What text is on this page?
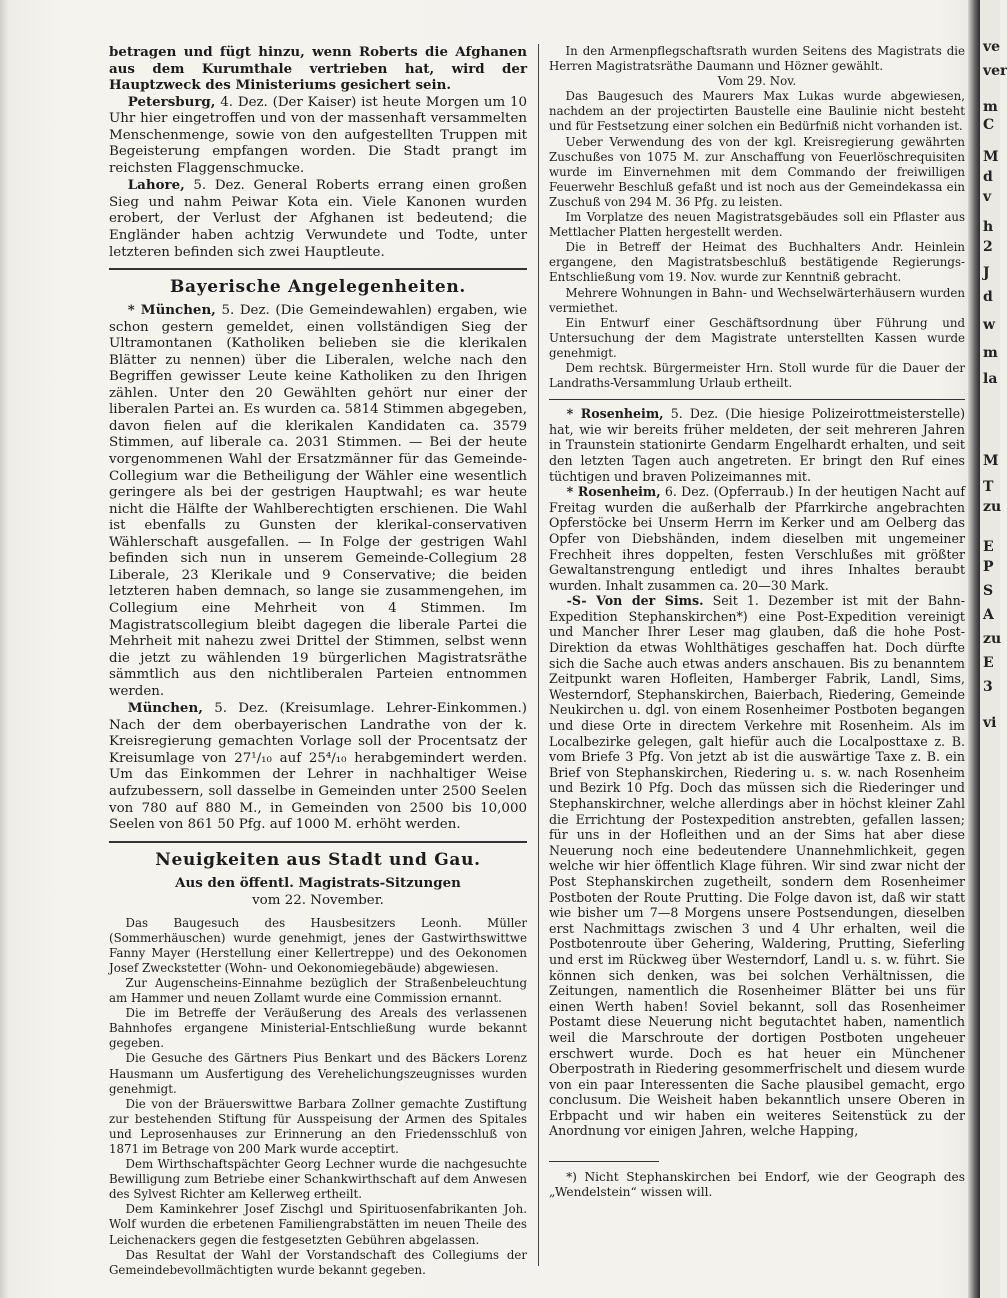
betragen und fügt hinzu, wenn Roberts die Afghanen aus dem Kurumthale vertrieben hat, wird der Hauptzweck des Ministeriums gesichert sein.

Petersburg, 4. Dez. (Der Kaiser) ist heute Morgen um 10 Uhr hier eingetroffen und von der massenhaft versammelten Menschenmenge, sowie von den aufgestellten Truppen mit Begeisterung empfangen worden. Die Stadt prangt im reichsten Flaggenschmucke.

Lahore, 5. Dez. General Roberts errang einen großen Sieg und nahm Peiwar Kota ein. Viele Kanonen wurden erobert, der Verlust der Afghanen ist bedeutend; die Engländer haben achtzig Verwundete und Todte, unter letzteren befinden sich zwei Hauptleute.

Bayerische Angelegenheiten.

* München, 5. Dez. (Die Gemeindewahlen) ergaben, wie schon gestern gemeldet, einen vollständigen Sieg der Ultramontanen (Katholiken belieben sie die klerikalen Blätter zu nennen) über die Liberalen, welche nach den Begriffen gewisser Leute keine Katholiken zu den Ihrigen zählen. Unter den 20 Gewählten gehört nur einer der liberalen Partei an. Es wurden ca. 5814 Stimmen abgegeben, davon fielen auf die klerikalen Kandidaten ca. 3579 Stimmen, auf liberale ca. 2031 Stimmen. — Bei der heute vorgenommenen Wahl der Ersatzmänner für das Gemeinde-Collegium war die Betheiligung der Wähler eine wesentlich geringere als bei der gestrigen Hauptwahl; es war heute nicht die Hälfte der Wahlberechtigten erschienen. Die Wahl ist ebenfalls zu Gunsten der klerikal-conservativen Wählerschaft ausgefallen. — In Folge der gestrigen Wahl befinden sich nun in unserem Gemeinde-Collegium 28 Liberale, 23 Klerikale und 9 Conservative; die beiden letzteren haben demnach, so lange sie zusammengehen, im Collegium eine Mehrheit von 4 Stimmen. Im Magistratscollegium bleibt dagegen die liberale Partei die Mehrheit mit nahezu zwei Drittel der Stimmen, selbst wenn die jetzt zu wählenden 19 bürgerlichen Magistratsräthe sämmtlich aus den nichtliberalen Parteien entnommen werden.

München, 5. Dez. (Kreisumlage. Lehrer-Einkommen.) Nach der dem oberbayerischen Landrathe von der k. Kreisregierung gemachten Vorlage soll der Procentsatz der Kreisumlage von 27¹/₁₀ auf 25⁴/₁₀ herabgemindert werden. Um das Einkommen der Lehrer in nachhaltiger Weise aufzubessern, soll dasselbe in Gemeinden unter 2500 Seelen von 780 auf 880 M., in Gemeinden von 2500 bis 10,000 Seelen von 861 50 Pfg. auf 1000 M. erhöht werden.

Neuigkeiten aus Stadt und Gau.
Aus den öffentl. Magistrats-Sitzungen
vom 22. November.

Das Baugesuch des Hausbesitzers Leonh. Müller (Sommerhäuschen) wurde genehmigt, jenes der Gastwirthswittwe Fanny Mayer (Herstellung einer Kellertreppe) und des Oekonomen Josef Zweckstetter (Wohn- und Oekonomiegebäude) abgewiesen.

Zur Augenscheins-Einnahme bezüglich der Straßenbeleuchtung am Hammer und neuen Zollamt wurde eine Commission ernannt.

Die im Betreffe der Veräußerung des Areals des verlassenen Bahnhofes ergangene Ministerial-Entschließung wurde bekannt gegeben.

Die Gesuche des Gärtners Pius Benkart und des Bäckers Lorenz Hausmann um Ausfertigung des Verehelichungszeugnisses wurden genehmigt.

Die von der Bräuerswittwe Barbara Zollner gemachte Zustiftung zur bestehenden Stiftung für Ausspeisung der Armen des Spitales und Leprosenhauses zur Erinnerung an den Friedensschluß von 1871 im Betrage von 200 Mark wurde acceptirt.

Dem Wirthschaftspächter Georg Lechner wurde die nachgesuchte Bewilligung zum Betriebe einer Schankwirthschaft auf dem Anwesen des Sylvest Richter am Kellerweg ertheilt.

Dem Kaminkehrer Josef Zischgl und Spirituosenfabrikanten Joh. Wolf wurden die erbetenen Familiengrabstätten im neuen Theile des Leichenackers gegen die festgesetzten Gebühren abgelassen.

Das Resultat der Wahl der Vorstandschaft des Collegiums der Gemeindebevollmächtigten wurde bekannt gegeben.

In den Armenpflegschaftsrath wurden Seitens des Magistrats die Herren Magistratsräthe Daumann und Hözner gewählt.

Vom 29. Nov.

Das Baugesuch des Maurers Max Lukas wurde abgewiesen, nachdem an der projectirten Baustelle eine Baulinie nicht besteht und für Festsetzung einer solchen ein Bedürfniß nicht vorhanden ist.

Ueber Verwendung des von der kgl. Kreisregierung gewährten Zuschußes von 1075 M. zur Anschaffung von Feuerlöschrequisiten wurde im Einvernehmen mit dem Commando der freiwilligen Feuerwehr Beschluß gefaßt und ist noch aus der Gemeindekassa ein Zuschuß von 294 M. 36 Pfg. zu leisten.

Im Vorplatze des neuen Magistratsgebäudes soll ein Pflaster aus Mettlacher Platten hergestellt werden.

Die in Betreff der Heimat des Buchhalters Andr. Heinlein ergangene, den Magistratsbeschluß bestätigende Regierungs-Entschließung vom 19. Nov. wurde zur Kenntniß gebracht.

Mehrere Wohnungen in Bahn- und Wechselwärterhäusern wurden vermiethet.

Ein Entwurf einer Geschäftsordnung über Führung und Untersuchung der dem Magistrate unterstellten Kassen wurde genehmigt.

Dem rechtsk. Bürgermeister Hrn. Stoll wurde für die Dauer der Landraths-Versammlung Urlaub ertheilt.

* Rosenheim, 5. Dez. (Die hiesige Polizeirottmeisterstelle) hat, wie wir bereits früher meldeten, der seit mehreren Jahren in Traunstein stationirte Gendarm Engelhardt erhalten, und seit den letzten Tagen auch angetreten. Er bringt den Ruf eines tüchtigen und braven Polizeimannes mit.

* Rosenheim, 6. Dez. (Opferraub.) In der heutigen Nacht auf Freitag wurden die außerhalb der Pfarrkirche angebrachten Opferstöcke bei Unserm Herrn im Kerker und am Oelberg das Opfer von Diebshänden, indem dieselben mit ungemeiner Frechheit ihres doppelten, festen Verschlußes mit größter Gewaltanstrengung entledigt und ihres Inhaltes beraubt wurden. Inhalt zusammen ca. 20—30 Mark.

-S- Von der Sims. Seit 1. Dezember ist mit der Bahn-Expedition Stephanskirchen*) eine Post-Expedition vereinigt und Mancher Ihrer Leser mag glauben, daß die hohe Post-Direktion da etwas Wohlthätiges geschaffen hat. Doch dürfte sich die Sache auch etwas anders anschauen. Bis zu benanntem Zeitpunkt waren Hofleiten, Hamberger Fabrik, Landl, Sims, Westerndorf, Stephanskirchen, Baierbach, Riedering, Gemeinde Neukirchen u. dgl. von einem Rosenheimer Postboten begangen und diese Orte in directem Verkehre mit Rosenheim. Als im Localbezirke gelegen, galt hiefür auch die Localposttaxe z. B. vom Briefe 3 Pfg. Von jetzt ab ist die auswärtige Taxe z. B. ein Brief von Stephanskirchen, Riedering u. s. w. nach Rosenheim und Bezirk 10 Pfg. Doch das müssen sich die Riederinger und Stephanskirchner, welche allerdings aber in höchst kleiner Zahl die Errichtung der Postexpedition anstrebten, gefallen lassen; für uns in der Hofleithen und an der Sims hat aber diese Neuerung noch eine bedeutendere Unannehmlichkeit, gegen welche wir hier öffentlich Klage führen. Wir sind zwar nicht der Post Stephanskirchen zugetheilt, sondern dem Rosenheimer Postboten der Route Prutting. Die Folge davon ist, daß wir statt wie bisher um 7—8 Morgens unsere Postsendungen, dieselben erst Nachmittags zwischen 3 und 4 Uhr erhalten, weil die Postbotenroute über Gehering, Waldering, Prutting, Sieferling und erst im Rückweg über Westerndorf, Landl u. s. w. führt. Sie können sich denken, was bei solchen Verhältnissen, die Zeitungen, namentlich die Rosenheimer Blätter bei uns für einen Werth haben! Soviel bekannt, soll das Rosenheimer Postamt diese Neuerung nicht begutachtet haben, namentlich weil die Marschroute der dortigen Postboten ungeheuer erschwert wurde. Doch es hat heuer ein Münchener Oberpostrath in Riedering gesommerfrischelt und diesem wurde von ein paar Interessenten die Sache plausibel gemacht, ergo conclusum. Die Weisheit haben bekanntlich unsere Oberen in Erbpacht und wir haben ein weiteres Seitenstück zu der Anordnung vor einigen Jahren, welche Happing,

*) Nicht Stephanskirchen bei Endorf, wie der Geograph des „Wendelstein“ wissen will.

ve
ver
m
C
M
d
v
h
2
J
d
w
m
la
M
T
zu
E
P
S
A
zu
E
3
vi
